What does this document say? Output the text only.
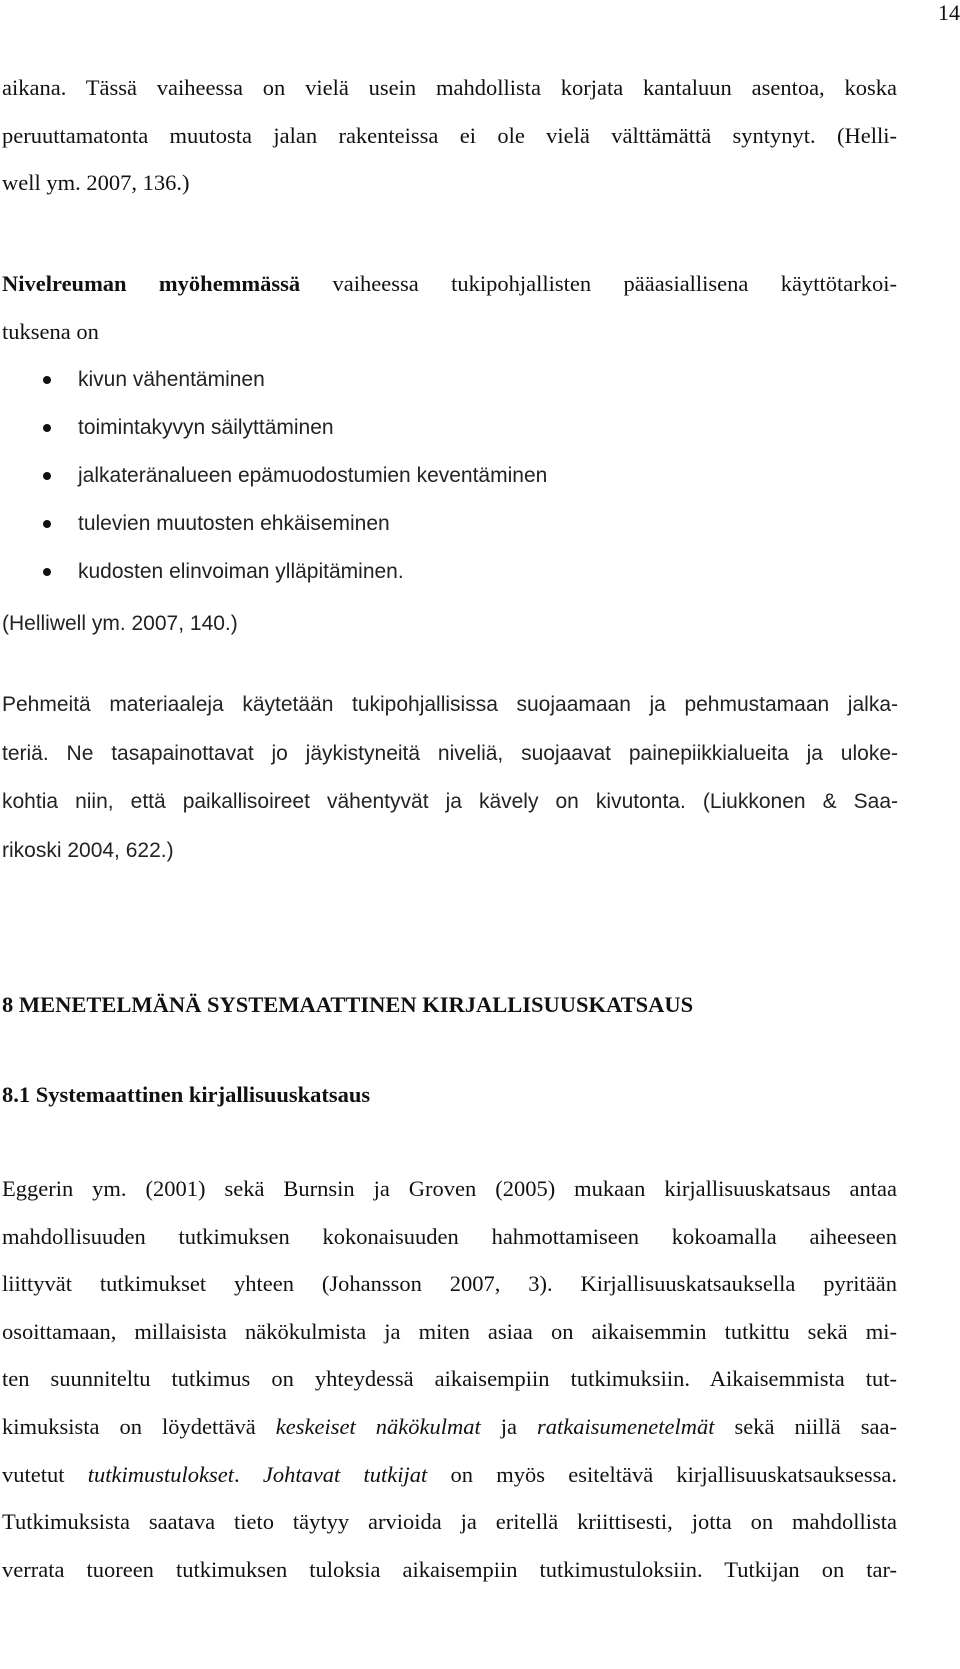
14

aikana. Tässä vaiheessa on vielä usein mahdollista korjata kantaluun asentoa, koska
peruuttamatonta muutosta jalan rakenteissa ei ole vielä välttämättä syntynyt. (Helli-
well ym. 2007, 136.)

Nivelreuman myöhemmässä vaiheessa tukipohjallisten pääasiallisena käyttötarkoi-
tuksena on

kivun vähentäminen
toimintakyvyn säilyttäminen
jalkateränalueen epämuodostumien keventäminen
tulevien muutosten ehkäiseminen
kudosten elinvoiman ylläpitäminen.

(Helliwell ym. 2007, 140.)

Pehmeitä materiaaleja käytetään tukipohjallisissa suojaamaan ja pehmustamaan jalka-
teriä. Ne tasapainottavat jo jäykistyneitä niveliä, suojaavat painepiikkialueita ja uloke-
kohtia niin, että paikallisoireet vähentyvät ja kävely on kivutonta. (Liukkonen & Saa-
rikoski 2004, 622.)

8 MENETELMÄNÄ SYSTEMAATTINEN KIRJALLISUUSKATSAUS
8.1 Systemaattinen kirjallisuuskatsaus

Eggerin ym. (2001) sekä Burnsin ja Groven (2005) mukaan kirjallisuuskatsaus antaa
mahdollisuuden tutkimuksen kokonaisuuden hahmottamiseen kokoamalla aiheeseen
liittyvät tutkimukset yhteen (Johansson 2007, 3). Kirjallisuuskatsauksella pyritään
osoittamaan, millaisista näkökulmista ja miten asiaa on aikaisemmin tutkittu sekä mi-
ten suunniteltu tutkimus on yhteydessä aikaisempiin tutkimuksiin. Aikaisemmista tut-
kimuksista on löydettävä keskeiset näkökulmat ja ratkaisumenetelmät sekä niillä saa-
vutetut tutkimustulokset. Johtavat tutkijat on myös esiteltävä kirjallisuuskatsauksessa.
Tutkimuksista saatava tieto täytyy arvioida ja eritellä kriittisesti, jotta on mahdollista
verrata tuoreen tutkimuksen tuloksia aikaisempiin tutkimustuloksiin. Tutkijan on tar-
